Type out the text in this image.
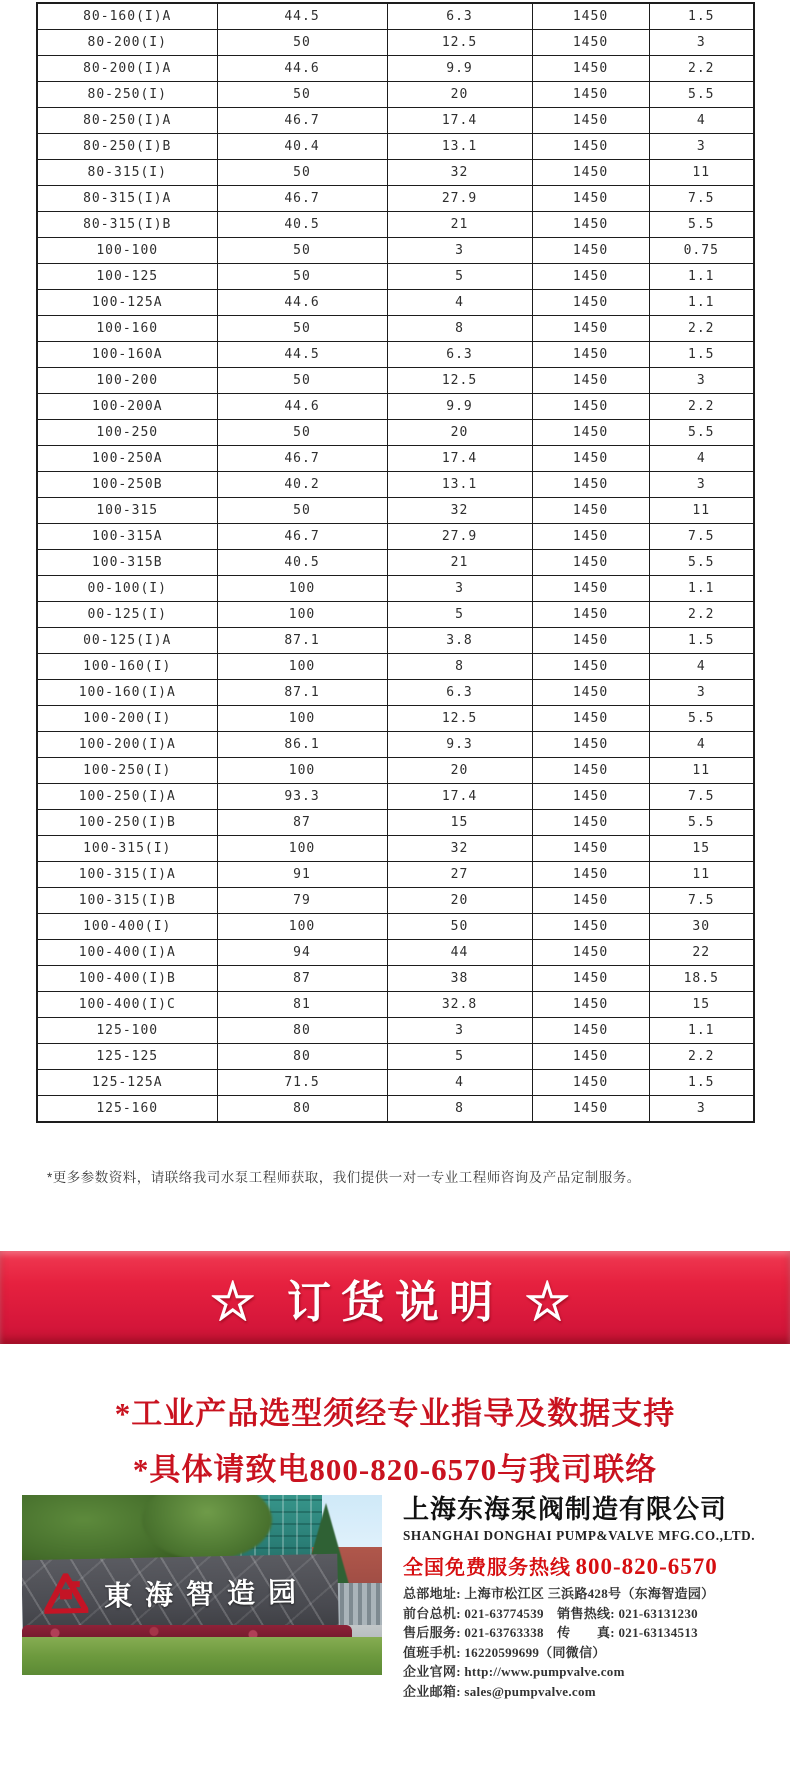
80-160(I)A	44.5	6.3	1450	1.5
80-200(I)	50	12.5	1450	3
80-200(I)A	44.6	9.9	1450	2.2
80-250(I)	50	20	1450	5.5
80-250(I)A	46.7	17.4	1450	4
80-250(I)B	40.4	13.1	1450	3
80-315(I)	50	32	1450	11
80-315(I)A	46.7	27.9	1450	7.5
80-315(I)B	40.5	21	1450	5.5
100-100	50	3	1450	0.75
100-125	50	5	1450	1.1
100-125A	44.6	4	1450	1.1
100-160	50	8	1450	2.2
100-160A	44.5	6.3	1450	1.5
100-200	50	12.5	1450	3
100-200A	44.6	9.9	1450	2.2
100-250	50	20	1450	5.5
100-250A	46.7	17.4	1450	4
100-250B	40.2	13.1	1450	3
100-315	50	32	1450	11
100-315A	46.7	27.9	1450	7.5
100-315B	40.5	21	1450	5.5
00-100(I)	100	3	1450	1.1
00-125(I)	100	5	1450	2.2
00-125(I)A	87.1	3.8	1450	1.5
100-160(I)	100	8	1450	4
100-160(I)A	87.1	6.3	1450	3
100-200(I)	100	12.5	1450	5.5
100-200(I)A	86.1	9.3	1450	4
100-250(I)	100	20	1450	11
100-250(I)A	93.3	17.4	1450	7.5
100-250(I)B	87	15	1450	5.5
100-315(I)	100	32	1450	15
100-315(I)A	91	27	1450	11
100-315(I)B	79	20	1450	7.5
100-400(I)	100	50	1450	30
100-400(I)A	94	44	1450	22
100-400(I)B	87	38	1450	18.5
100-400(I)C	81	32.8	1450	15
125-100	80	3	1450	1.1
125-125	80	5	1450	2.2
125-125A	71.5	4	1450	1.5
125-160	80	8	1450	3
*更多参数资料，请联络我司水泵工程师获取，我们提供一对一专业工程师咨询及产品定制服务。
☆ 订货说明 ☆
*工业产品选型须经专业指导及数据支持
*具体请致电800-820-6570与我司联络
東海智造园
上海东海泵阀制造有限公司
SHANGHAI DONGHAI PUMP&VALVE MFG.CO.,LTD.
全国免费服务热线 800-820-6570
总部地址: 上海市松江区 三浜路428号（东海智造园）
前台总机: 021-63774539　销售热线: 021-63131230
售后服务: 021-63763338　传　　真: 021-63134513
值班手机: 16220599699（同微信）
企业官网: http://www.pumpvalve.com
企业邮箱: sales@pumpvalve.com
